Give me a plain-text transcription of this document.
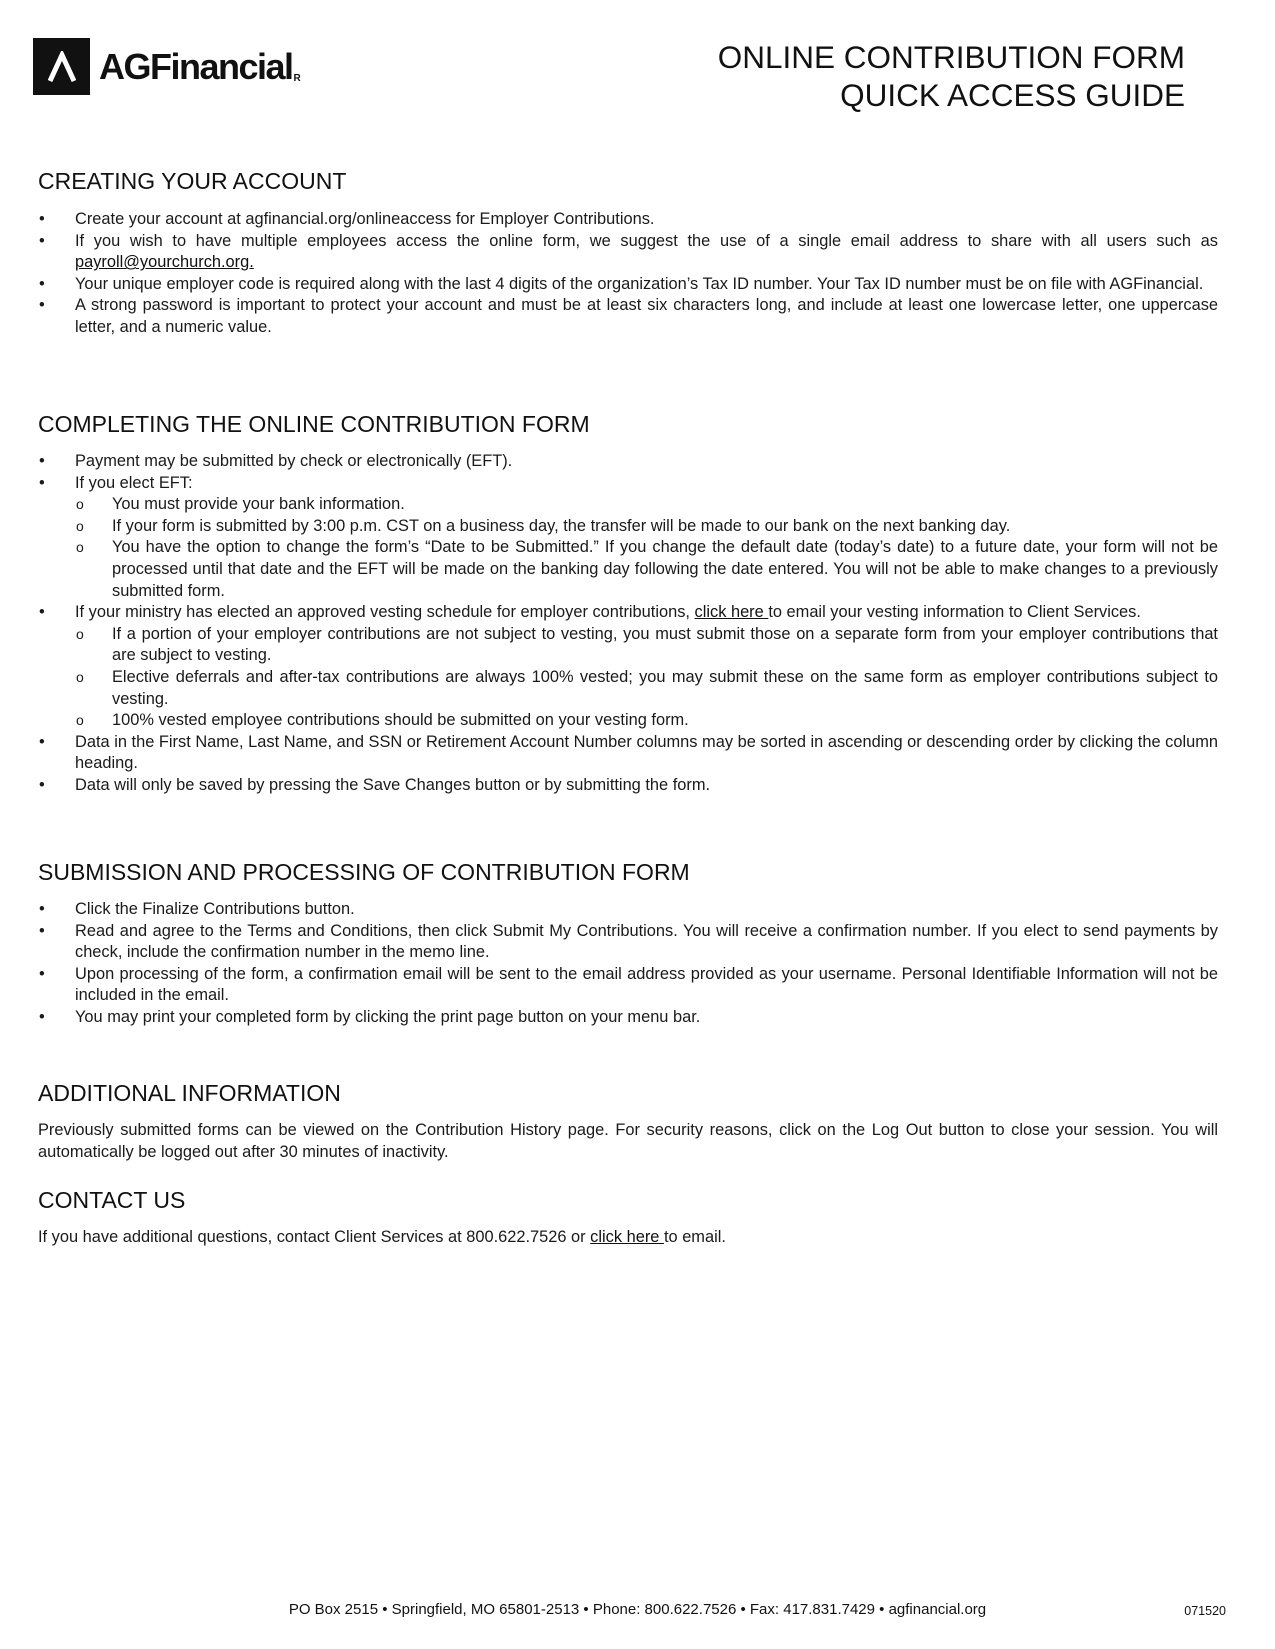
AGFinancial$^R$
ONLINE CONTRIBUTION FORM
QUICK ACCESS GUIDE
CREATING YOUR ACCOUNT
• Create your account at agfinancial.org/onlineaccess for Employer Contributions.
• If you wish to have multiple employees access the online form, we suggest the use of a single email address to share with all users such as payroll@yourchurch.org.
• Your unique employer code is required along with the last 4 digits of the organization’s Tax ID number. Your Tax ID number must be on file with AGFinancial.
• A strong password is important to protect your account and must be at least six characters long, and include at least one lowercase letter, one uppercase letter, and a numeric value.
COMPLETING THE ONLINE CONTRIBUTION FORM
• Payment may be submitted by check or electronically (EFT).
• If you elect EFT:
o You must provide your bank information.
o If your form is submitted by 3:00 p.m. CST on a business day, the transfer will be made to our bank on the next banking day.
o You have the option to change the form’s “Date to be Submitted.” If you change the default date (today’s date) to a future date, your form will not be processed until that date and the EFT will be made on the banking day following the date entered. You will not be able to make changes to a previously submitted form.
• If your ministry has elected an approved vesting schedule for employer contributions, click here to email your vesting information to Client Services.
o If a portion of your employer contributions are not subject to vesting, you must submit those on a separate form from your employer contributions that are subject to vesting.
o Elective deferrals and after-tax contributions are always 100% vested; you may submit these on the same form as employer contributions subject to vesting.
o 100% vested employee contributions should be submitted on your vesting form.
• Data in the First Name, Last Name, and SSN or Retirement Account Number columns may be sorted in ascending or descending order by clicking the column heading.
• Data will only be saved by pressing the Save Changes button or by submitting the form.
SUBMISSION AND PROCESSING OF CONTRIBUTION FORM
• Click the Finalize Contributions button.
• Read and agree to the Terms and Conditions, then click Submit My Contributions. You will receive a confirmation number. If you elect to send payments by check, include the confirmation number in the memo line.
• Upon processing of the form, a confirmation email will be sent to the email address provided as your username. Personal Identifiable Information will not be included in the email.
• You may print your completed form by clicking the print page button on your menu bar.
ADDITIONAL INFORMATION

Previously submitted forms can be viewed on the Contribution History page. For security reasons, click on the Log Out button to close your session. You will automatically be logged out after 30 minutes of inactivity.

CONTACT US

If you have additional questions, contact Client Services at 800.622.7526 or click here to email.

PO Box 2515 • Springfield, MO 65801-2513 • Phone: 800.622.7526 • Fax: 417.831.7429 • agfinancial.org	071520
